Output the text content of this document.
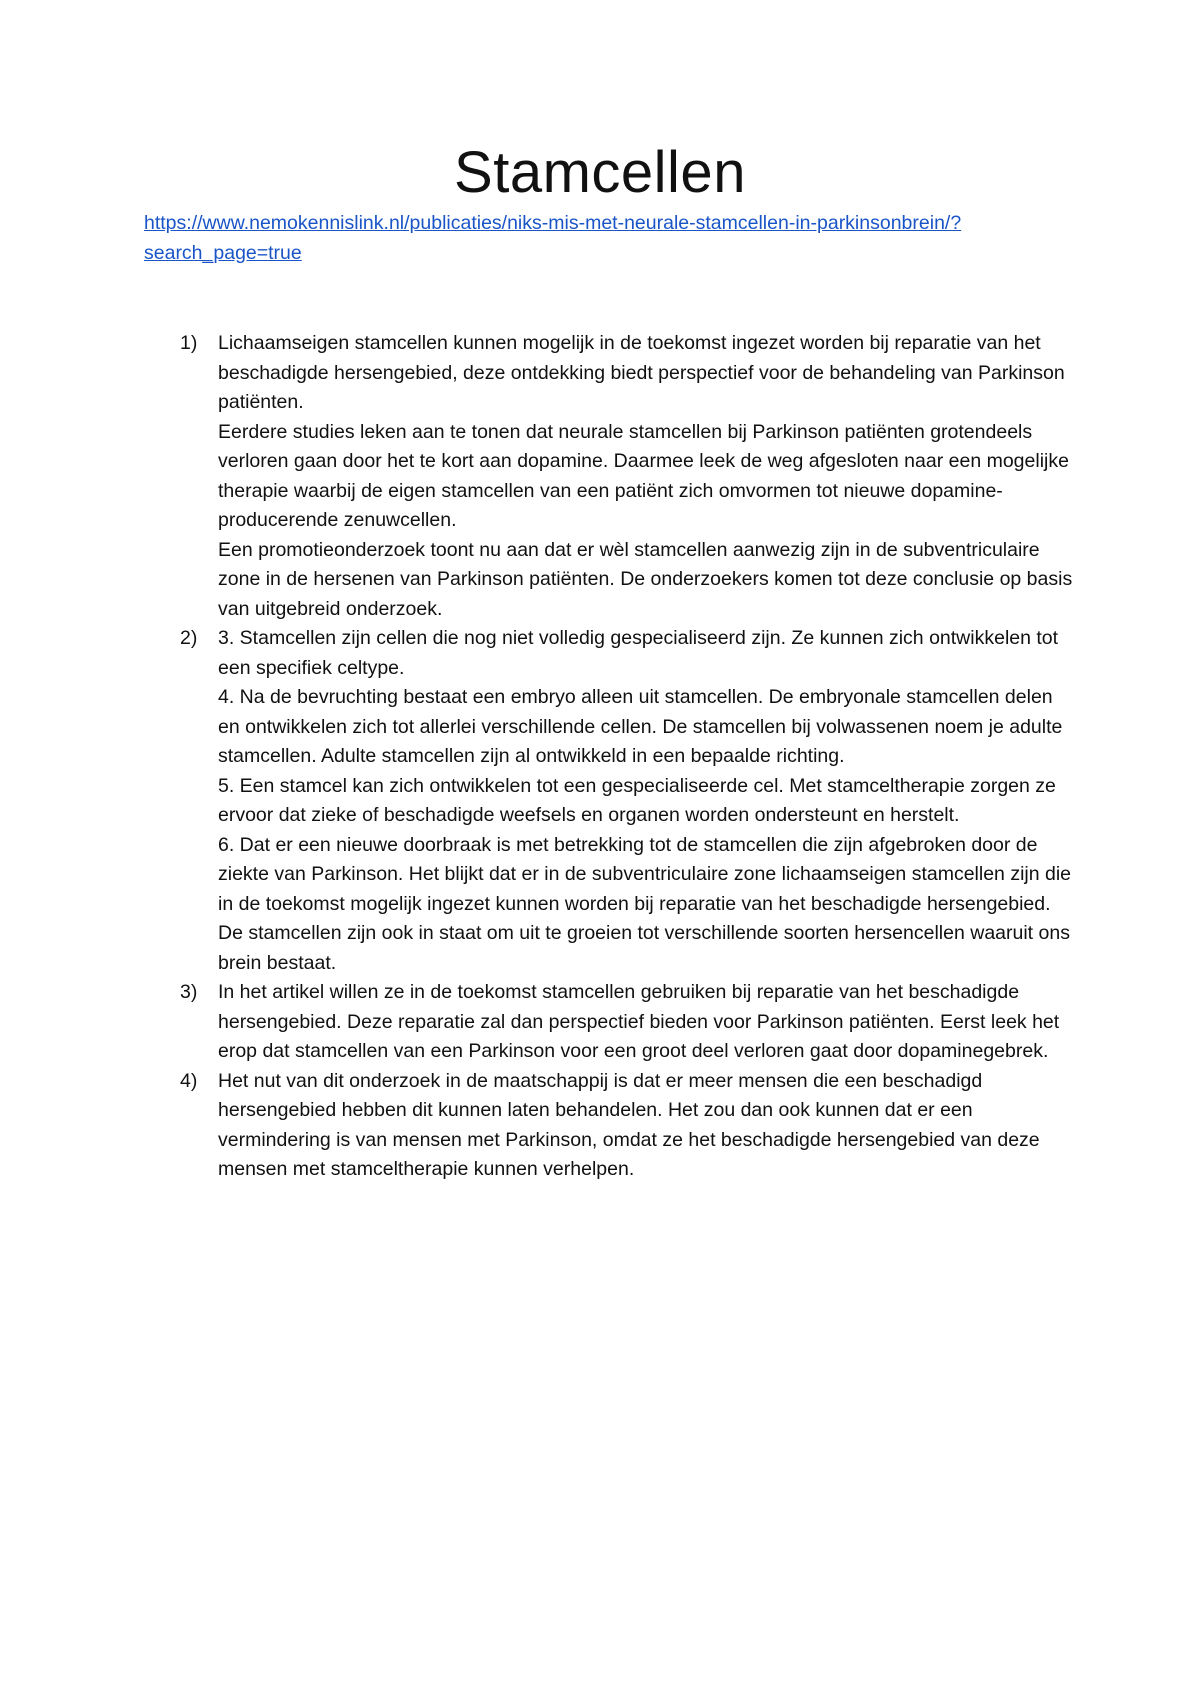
Stamcellen
https://www.nemokennislink.nl/publicaties/niks-mis-met-neurale-stamcellen-in-parkinsonbrein/?
search_page=true
1) Lichaamseigen stamcellen kunnen mogelijk in de toekomst ingezet worden bij reparatie van het beschadigde hersengebied, deze ontdekking biedt perspectief voor de behandeling van Parkinson patiënten.
Eerdere studies leken aan te tonen dat neurale stamcellen bij Parkinson patiënten grotendeels verloren gaan door het te kort aan dopamine. Daarmee leek de weg afgesloten naar een mogelijke therapie waarbij de eigen stamcellen van een patiënt zich omvormen tot nieuwe dopamine-producerende zenuwcellen.
Een promotieonderzoek toont nu aan dat er wèl stamcellen aanwezig zijn in de subventriculaire zone in de hersenen van Parkinson patiënten. De onderzoekers komen tot deze conclusie op basis van uitgebreid onderzoek.
2) 3. Stamcellen zijn cellen die nog niet volledig gespecialiseerd zijn. Ze kunnen zich ontwikkelen tot een specifiek celtype.
4. Na de bevruchting bestaat een embryo alleen uit stamcellen. De embryonale stamcellen delen en ontwikkelen zich tot allerlei verschillende cellen. De stamcellen bij volwassenen noem je adulte stamcellen. Adulte stamcellen zijn al ontwikkeld in een bepaalde richting.
5. Een stamcel kan zich ontwikkelen tot een gespecialiseerde cel. Met stamceltherapie zorgen ze ervoor dat zieke of beschadigde weefsels en organen worden ondersteunt en herstelt.
6. Dat er een nieuwe doorbraak is met betrekking tot de stamcellen die zijn afgebroken door de ziekte van Parkinson. Het blijkt dat er in de subventriculaire zone lichaamseigen stamcellen zijn die in de toekomst mogelijk ingezet kunnen worden bij reparatie van het beschadigde hersengebied. De stamcellen zijn ook in staat om uit te groeien tot verschillende soorten hersencellen waaruit ons brein bestaat.
3) In het artikel willen ze in de toekomst stamcellen gebruiken bij reparatie van het beschadigde hersengebied. Deze reparatie zal dan perspectief bieden voor Parkinson patiënten. Eerst leek het erop dat stamcellen van een Parkinson voor een groot deel verloren gaat door dopaminegebrek.
4) Het nut van dit onderzoek in de maatschappij is dat er meer mensen die een beschadigd hersengebied hebben dit kunnen laten behandelen. Het zou dan ook kunnen dat er een vermindering is van mensen met Parkinson, omdat ze het beschadigde hersengebied van deze mensen met stamceltherapie kunnen verhelpen.
